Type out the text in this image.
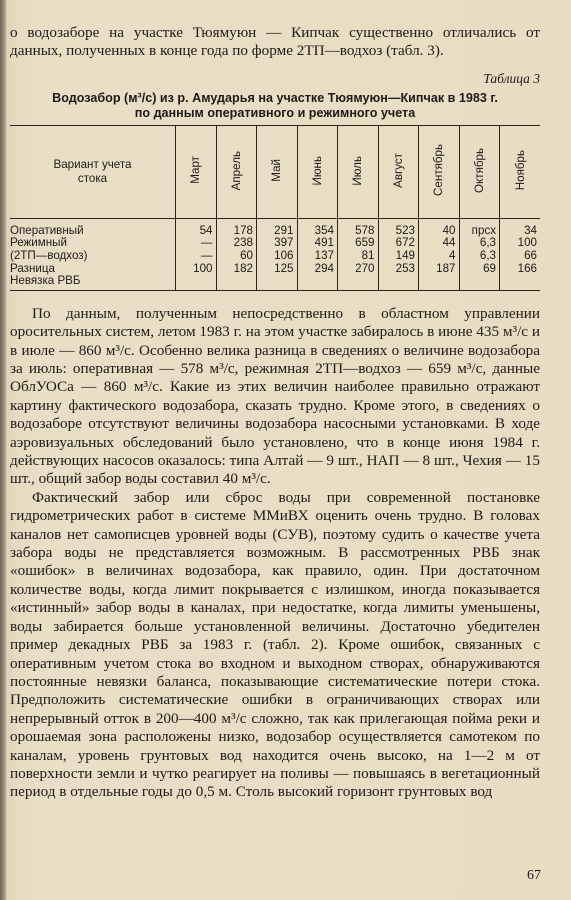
о водозаборе на участке Тюямуюн — Кипчак существенно отличались от данных, полученных в конце года по форме 2ТП—водхоз (табл. 3).

Таблица 3
Водозабор (м³/с) из р. Амударья на участке Тюямуюн—Кипчак в 1983 г.
по данным оперативного и режимного учета
Вариант учета
стока	Март	Апрель	Май	Июнь	Июль	Август	Сентябрь	Октябрь	Ноябрь
Оперативный	54	178	291	354	578	523	40	прсх	34
Режимный	—	238	397	491	659	672	44	6,3	100
(2ТП—водхоз)	—	60	106	137	81	149	4	6,3	66
Разница	100	182	125	294	270	253	187	69	166
Невязка РВБ									

По данным, полученным непосредственно в областном управлении оросительных систем, летом 1983 г. на этом участке забиралось в июне 435 м³/с и в июле — 860 м³/с. Особенно велика разница в сведениях о величине водозабора за июль: оперативная — 578 м³/с, режимная 2ТП—водхоз — 659 м³/с, данные ОблУОСа — 860 м³/с. Какие из этих величин наиболее правильно отражают картину фактического водозабора, сказать трудно. Кроме этого, в сведениях о водозаборе отсутствуют величины водозабора насосными установками. В ходе аэровизуальных обследований было установлено, что в конце июня 1984 г. действующих насосов оказалось: типа Алтай — 9 шт., НАП — 8 шт., Чехия — 15 шт., общий забор воды составил 40 м³/с.

Фактический забор или сброс воды при современной постановке гидрометрических работ в системе ММиВХ оценить очень трудно. В головах каналов нет самописцев уровней воды (СУВ), поэтому судить о качестве учета забора воды не представляется возможным. В рассмотренных РВБ знак «ошибок» в величинах водозабора, как правило, один. При достаточном количестве воды, когда лимит покрывается с излишком, иногда показывается «истинный» забор воды в каналах, при недостатке, когда лимиты уменьшены, воды забирается больше установленной величины. Достаточно убедителен пример декадных РВБ за 1983 г. (табл. 2). Кроме ошибок, связанных с оперативным учетом стока во входном и выходном створах, обнаруживаются постоянные невязки баланса, показывающие систематические потери стока. Предположить систематические ошибки в ограничивающих створах или непрерывный отток в 200—400 м³/с сложно, так как прилегающая пойма реки и орошаемая зона расположены низко, водозабор осуществляется самотеком по каналам, уровень грунтовых вод находится очень высоко, на 1—2 м от поверхности земли и чутко реагирует на поливы — повышаясь в вегетационный период в отдельные годы до 0,5 м. Столь высокий горизонт грунтовых вод

67
